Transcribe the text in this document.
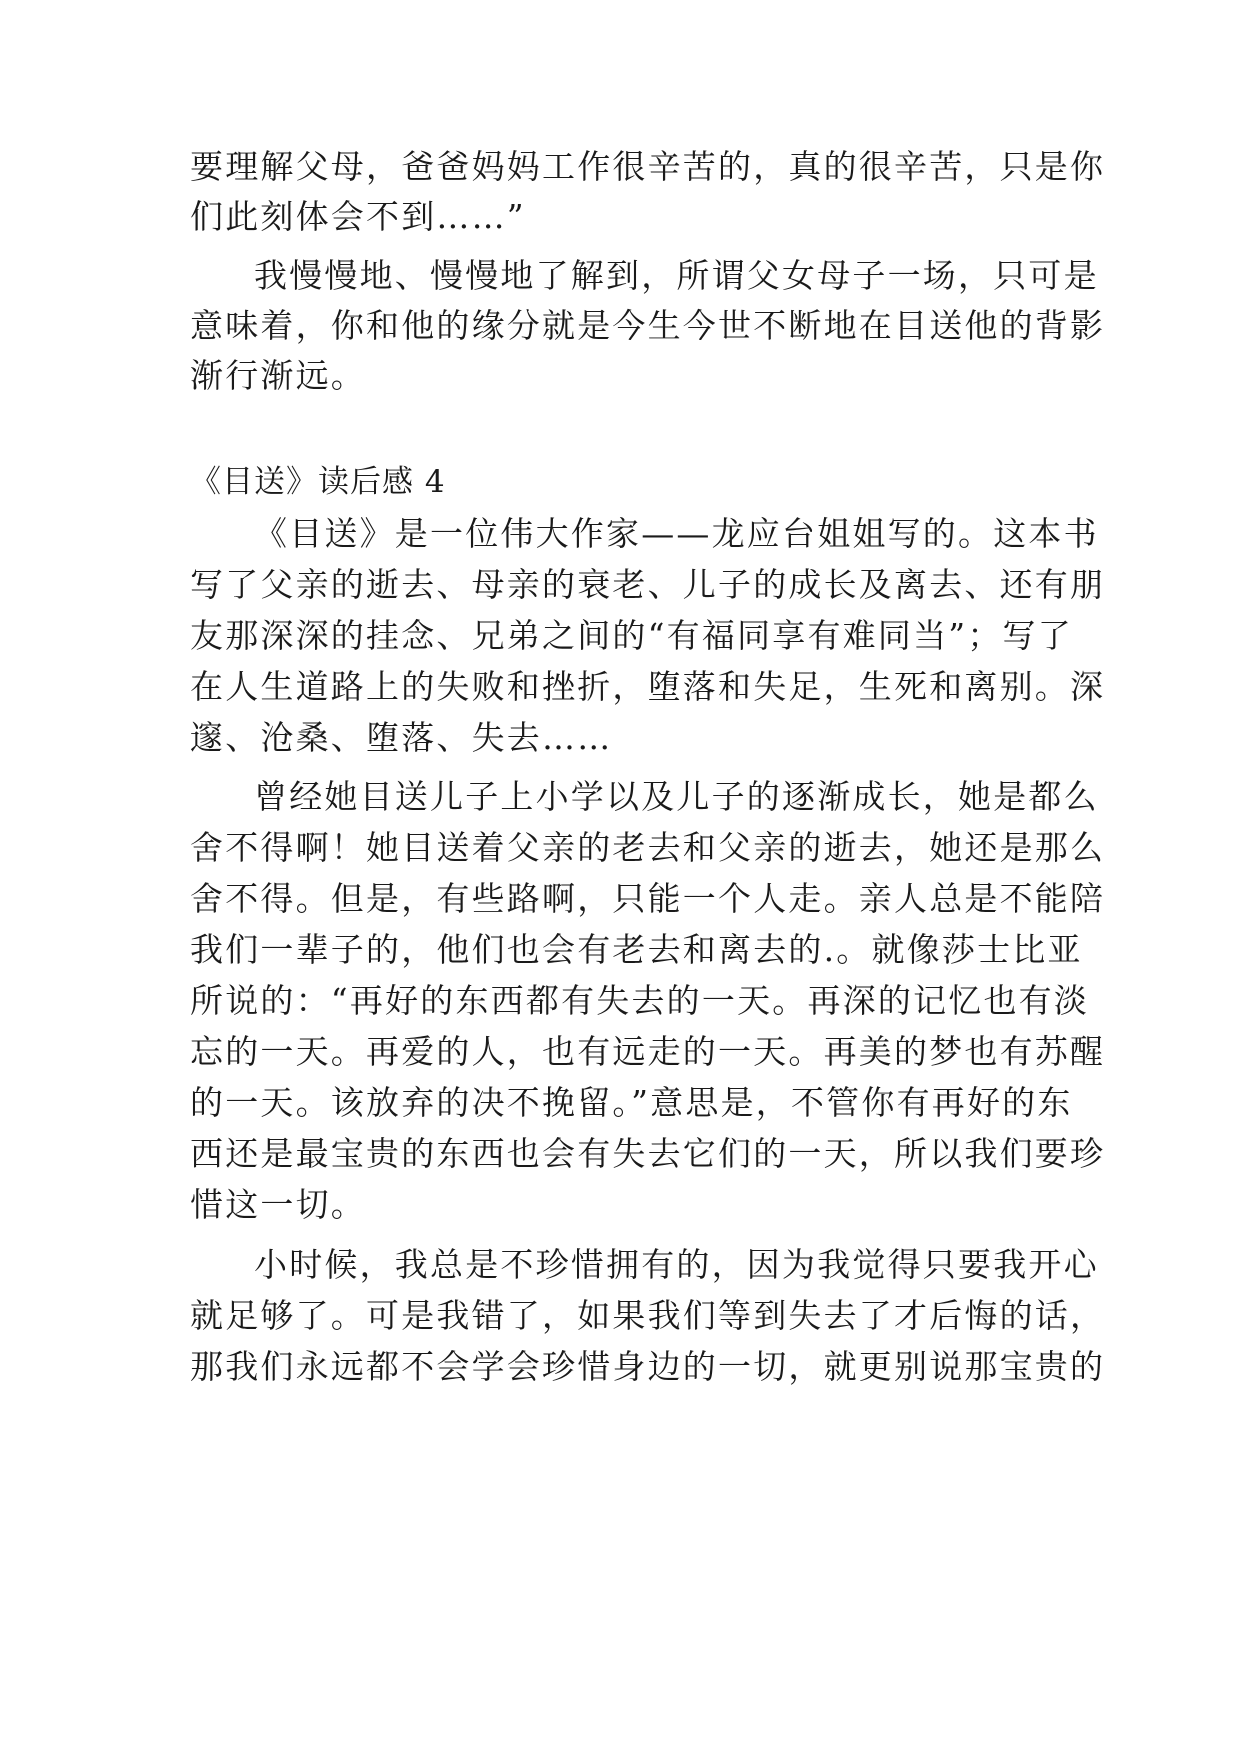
要理解父母，爸爸妈妈工作很辛苦的，真的很辛苦，只是你
们此刻体会不到……”
我慢慢地、慢慢地了解到，所谓父女母子一场，只可是
意味着，你和他的缘分就是今生今世不断地在目送他的背影
渐行渐远。
《目送》读后感 4
《目送》是一位伟大作家——龙应台姐姐写的。这本书
写了父亲的逝去、母亲的衰老、儿子的成长及离去、还有朋
友那深深的挂念、兄弟之间的“有福同享有难同当”；写了
在人生道路上的失败和挫折，堕落和失足，生死和离别。深
邃、沧桑、堕落、失去……
曾经她目送儿子上小学以及儿子的逐渐成长，她是都么
舍不得啊！她目送着父亲的老去和父亲的逝去，她还是那么
舍不得。但是，有些路啊，只能一个人走。亲人总是不能陪
我们一辈子的，他们也会有老去和离去的.。就像莎士比亚
所说的：“再好的东西都有失去的一天。再深的记忆也有淡
忘的一天。再爱的人，也有远走的一天。再美的梦也有苏醒
的一天。该放弃的决不挽留。”意思是，不管你有再好的东
西还是最宝贵的东西也会有失去它们的一天，所以我们要珍
惜这一切。
小时候，我总是不珍惜拥有的，因为我觉得只要我开心
就足够了。可是我错了，如果我们等到失去了才后悔的话，
那我们永远都不会学会珍惜身边的一切，就更别说那宝贵的
